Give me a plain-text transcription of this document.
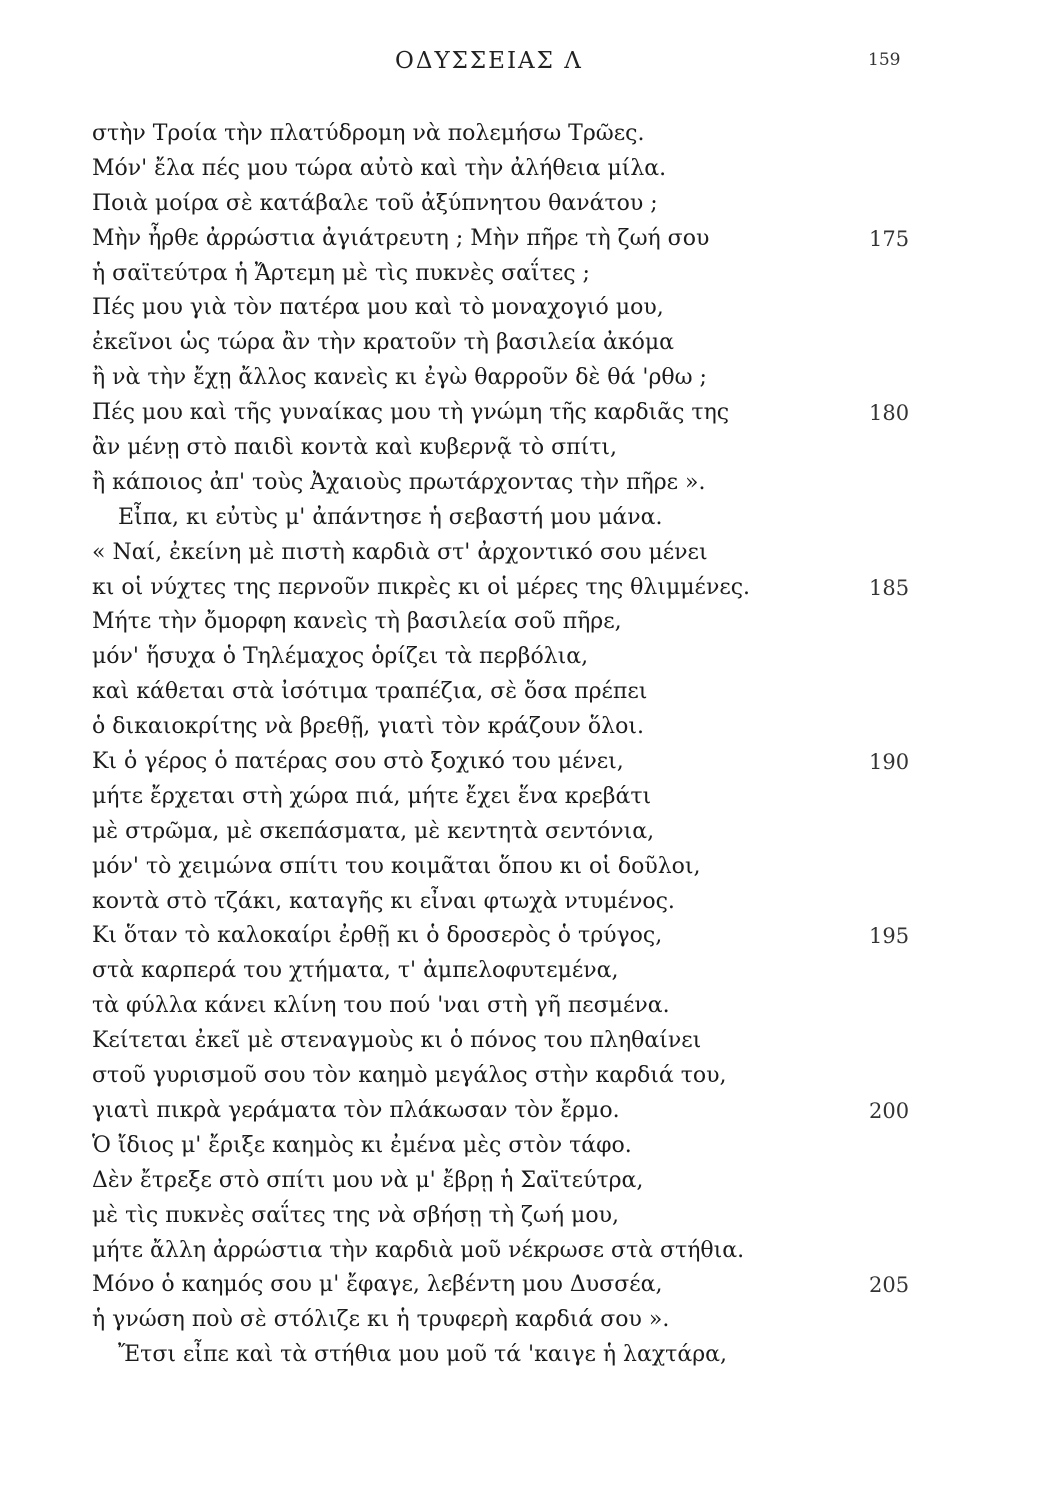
ΟΔΥΣΣΕΙΑΣ Λ	159
στὴν Τροία τὴν πλατύδρομη νὰ πολεμήσω Τρῶες.
Μόν' ἔλα πές μου τώρα αὐτὸ καὶ τὴν ἀλήθεια μίλα.
Ποιὰ μοίρα σὲ κατάβαλε τοῦ ἀξύπνητου θανάτου ;
Μὴν ἦρθε ἀρρώστια ἀγιάτρευτη ; Μὴν πῆρε τὴ ζωή σου	175
ἡ σαϊτεύτρα ἡ Ἄρτεμη μὲ τὶς πυκνὲς σαΐτες ;
Πές μου γιὰ τὸν πατέρα μου καὶ τὸ μοναχογιό μου,
ἐκεῖνοι ὡς τώρα ἂν τὴν κρατοῦν τὴ βασιλεία ἀκόμα
ἢ νὰ τὴν ἔχῃ ἄλλος κανεὶς κι ἐγὼ θαρροῦν δὲ θά 'ρθω ;
Πές μου καὶ τῆς γυναίκας μου τὴ γνώμη τῆς καρδιᾶς της	180
ἂν μένῃ στὸ παιδὶ κοντὰ καὶ κυβερνᾷ τὸ σπίτι,
ἢ κάποιος ἀπ' τοὺς Ἀχαιοὺς πρωτάρχοντας τὴν πῆρε ».
Εἶπα, κι εὐτὺς μ' ἀπάντησε ἡ σεβαστή μου μάνα.
« Ναί, ἐκείνη μὲ πιστὴ καρδιὰ στ' ἀρχοντικό σου μένει
κι οἱ νύχτες της περνοῦν πικρὲς κι οἱ μέρες της θλιμμένες.	185
Μήτε τὴν ὄμορφη κανεὶς τὴ βασιλεία σοῦ πῆρε,
μόν' ἥσυχα ὁ Τηλέμαχος ὁρίζει τὰ περβόλια,
καὶ κάθεται στὰ ἰσότιμα τραπέζια, σὲ ὅσα πρέπει
ὁ δικαιοκρίτης νὰ βρεθῇ, γιατὶ τὸν κράζουν ὅλοι.
Κι ὁ γέρος ὁ πατέρας σου στὸ ξοχικό του μένει,	190
μήτε ἔρχεται στὴ χώρα πιά, μήτε ἔχει ἕνα κρεβάτι
μὲ στρῶμα, μὲ σκεπάσματα, μὲ κεντητὰ σεντόνια,
μόν' τὸ χειμώνα σπίτι του κοιμᾶται ὅπου κι οἱ δοῦλοι,
κοντὰ στὸ τζάκι, καταγῆς κι εἶναι φτωχὰ ντυμένος.
Κι ὅταν τὸ καλοκαίρι ἐρθῇ κι ὁ δροσερὸς ὁ τρύγος,	195
στὰ καρπερά του χτήματα, τ' ἀμπελοφυτεμένα,
τὰ φύλλα κάνει κλίνη του πού 'ναι στὴ γῆ πεσμένα.
Κείτεται ἐκεῖ μὲ στεναγμοὺς κι ὁ πόνος του πληθαίνει
στοῦ γυρισμοῦ σου τὸν καημὸ μεγάλος στὴν καρδιά του,
γιατὶ πικρὰ γεράματα τὸν πλάκωσαν τὸν ἔρμο.	200
Ὁ ἴδιος μ' ἔριξε καημὸς κι ἐμένα μὲς στὸν τάφο.
Δὲν ἔτρεξε στὸ σπίτι μου νὰ μ' ἔβρῃ ἡ Σαϊτεύτρα,
μὲ τὶς πυκνὲς σαΐτες της νὰ σβήσῃ τὴ ζωή μου,
μήτε ἄλλη ἀρρώστια τὴν καρδιὰ μοῦ νέκρωσε στὰ στήθια.
Μόνο ὁ καημός σου μ' ἔφαγε, λεβέντη μου Δυσσέα,	205
ἡ γνώση ποὺ σὲ στόλιζε κι ἡ τρυφερὴ καρδιά σου ».
Ἔτσι εἶπε καὶ τὰ στήθια μου μοῦ τά 'καιγε ἡ λαχτάρα,
